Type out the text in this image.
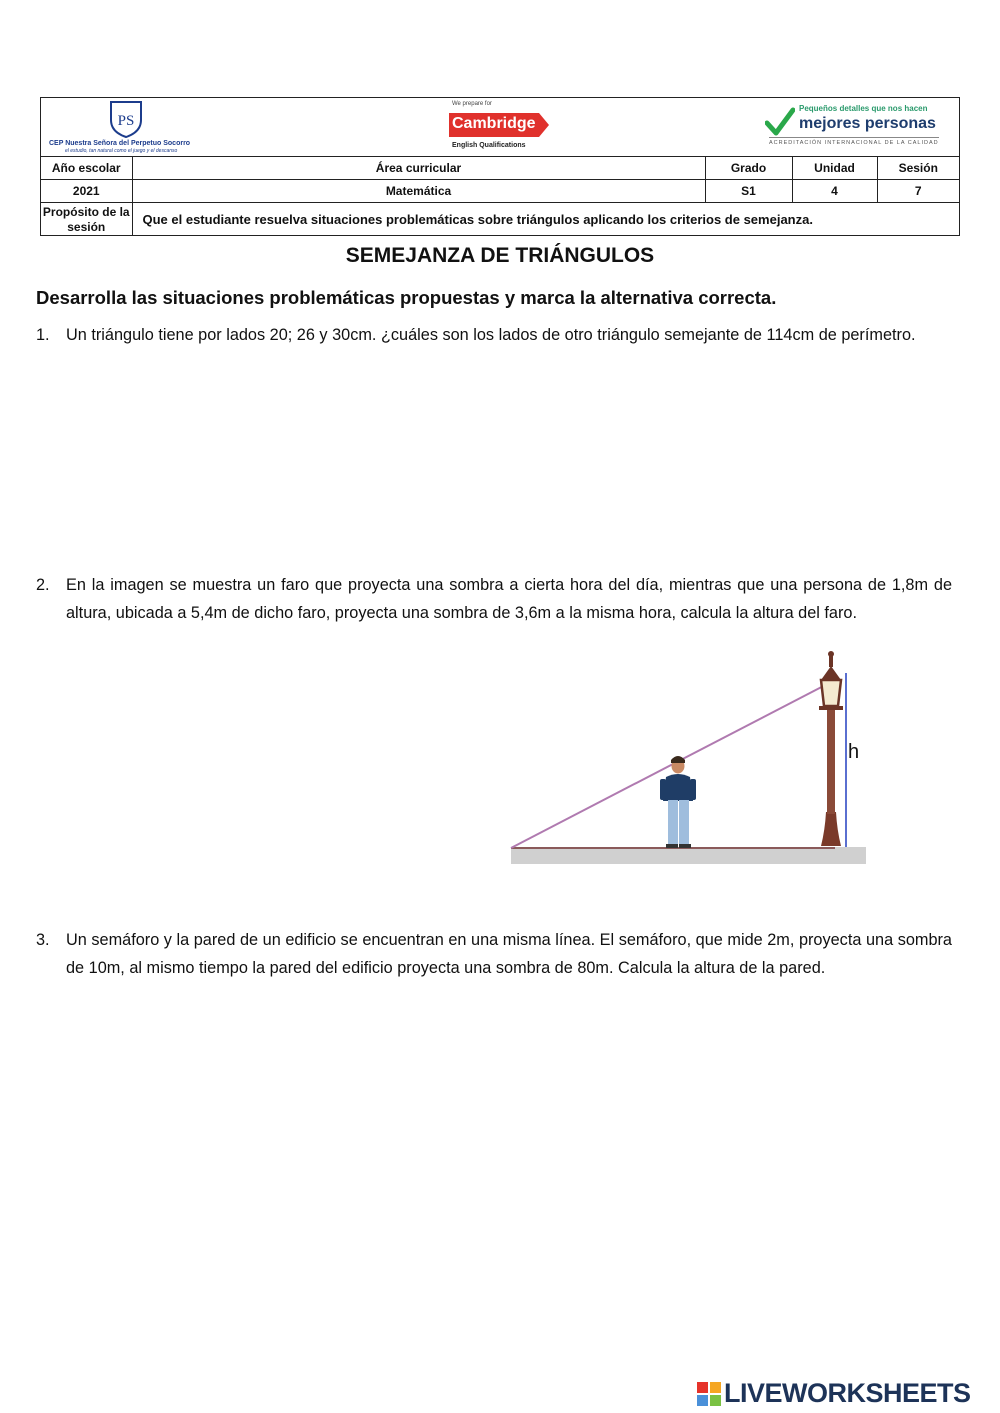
PS
CEP Nuestra Señora del Perpetuo Socorro
el estudio, tan natural como el juego y el descanso
We prepare for
Cambridge
English Qualifications
Pequeños detalles que nos hacen
mejores personas
ACREDITACIÓN INTERNACIONAL DE LA CALIDAD
Año escolar	Área curricular	Grado	Unidad	Sesión
2021	Matemática	S1	4	7
Propósito de la sesión	Que el estudiante resuelva situaciones problemáticas sobre triángulos aplicando los criterios de semejanza.			
SEMEJANZA DE TRIÁNGULOS
Desarrolla las situaciones problemáticas propuestas y marca la alternativa correcta.
1. Un triángulo tiene por lados 20; 26 y 30cm. ¿cuáles son los lados de otro triángulo semejante de 114cm de perímetro.
2. En la imagen se muestra un faro que proyecta una sombra a cierta hora del día, mientras que una persona de 1,8m de altura, ubicada a 5,4m de dicho faro, proyecta una sombra de 3,6m a la misma hora, calcula la altura del faro.
h
3. Un semáforo y la pared de un edificio se encuentran en una misma línea. El semáforo, que mide 2m, proyecta una sombra de 10m, al mismo tiempo la pared del edificio proyecta una sombra de 80m. Calcula la altura de la pared.
LIVEWORKSHEETS
